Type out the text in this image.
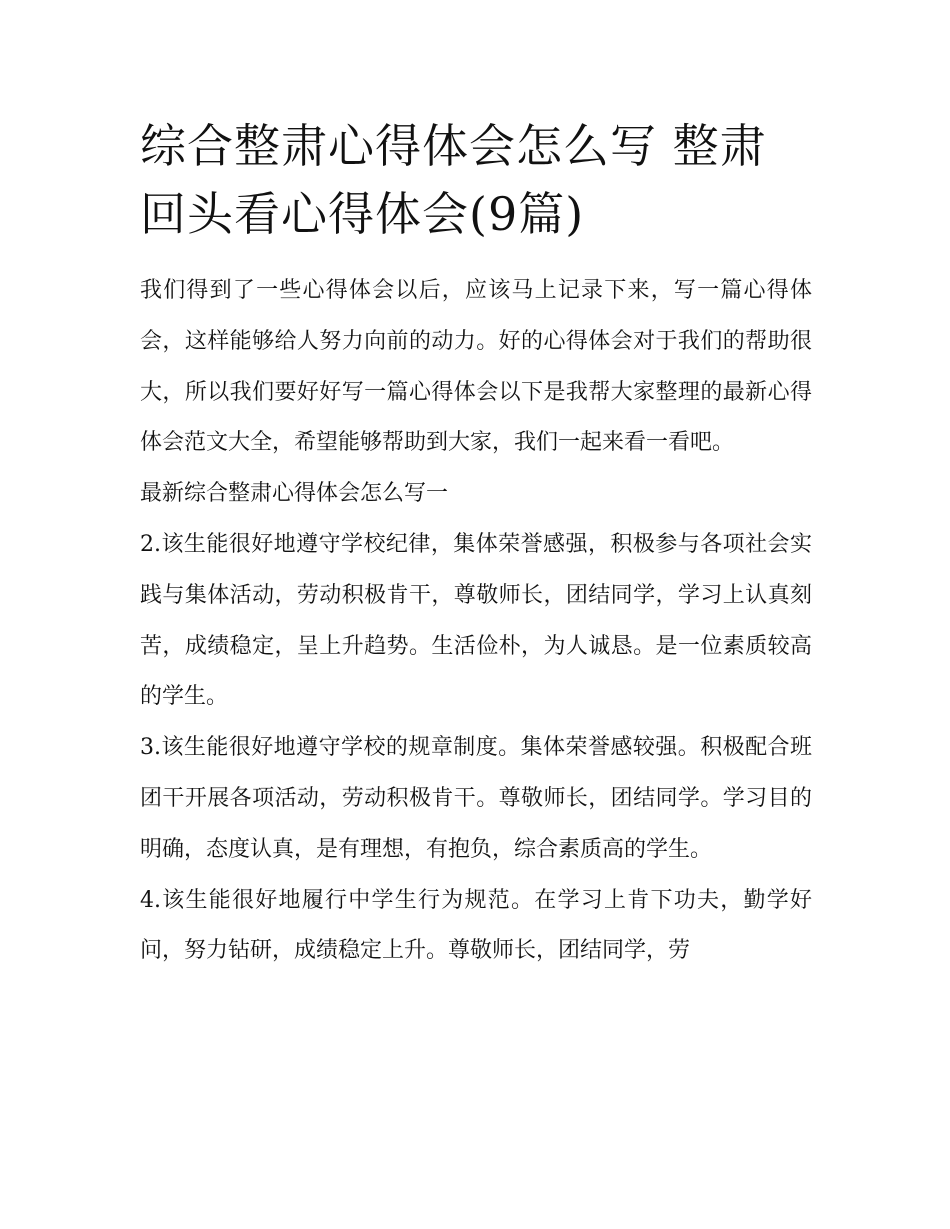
综合整肃心得体会怎么写 整肃回头看心得体会(9篇)

我们得到了一些心得体会以后，应该马上记录下来，写一篇心得体会，这样能够给人努力向前的动力。好的心得体会对于我们的帮助很大，所以我们要好好写一篇心得体会以下是我帮大家整理的最新心得体会范文大全，希望能够帮助到大家，我们一起来看一看吧。

最新综合整肃心得体会怎么写一

2.该生能很好地遵守学校纪律，集体荣誉感强，积极参与各项社会实践与集体活动，劳动积极肯干，尊敬师长，团结同学，学习上认真刻苦，成绩稳定，呈上升趋势。生活俭朴，为人诚恳。是一位素质较高的学生。

3.该生能很好地遵守学校的规章制度。集体荣誉感较强。积极配合班团干开展各项活动，劳动积极肯干。尊敬师长，团结同学。学习目的明确，态度认真，是有理想，有抱负，综合素质高的学生。

4.该生能很好地履行中学生行为规范。在学习上肯下功夫，勤学好问，努力钻研，成绩稳定上升。尊敬师长，团结同学，劳
